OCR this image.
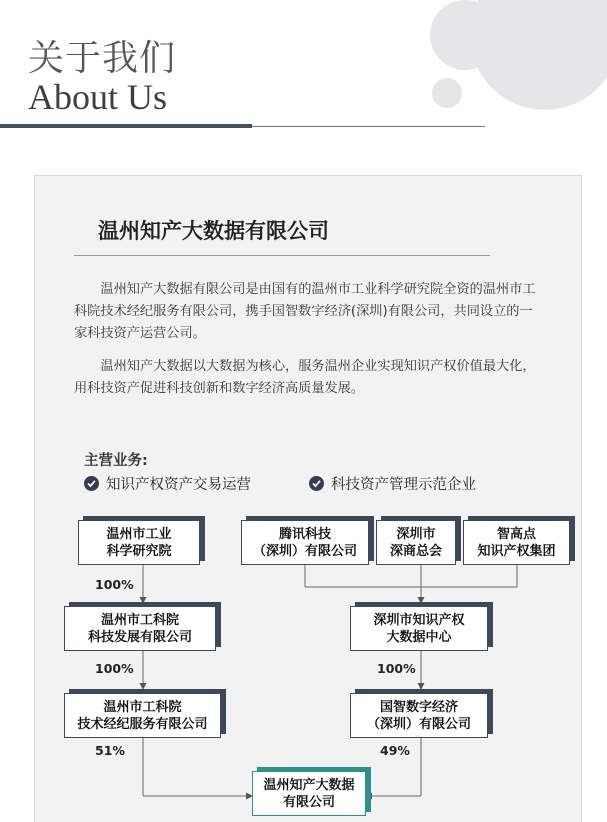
关于我们
About Us
温州知产大数据有限公司

温州知产大数据有限公司是由国有的温州市工业科学研究院全资的温州市工科院技术经纪服务有限公司，携手国智数字经济(深圳)有限公司，共同设立的一家科技资产运营公司。

温州知产大数据以大数据为核心，服务温州企业实现知识产权价值最大化，用科技资产促进科技创新和数字经济高质量发展。

主营业务:
知识产权资产交易运营	科技资产管理示范企业
温州市工业
科学研究院
温州市工科院
科技发展有限公司
温州市工科院
技术经纪服务有限公司
腾讯科技
（深圳）有限公司
深圳市
深商总会
智高点
知识产权集团
深圳市知识产权
大数据中心
国智数字经济
（深圳）有限公司
温州知产大数据
有限公司
100%
100%
51%
100%
49%
